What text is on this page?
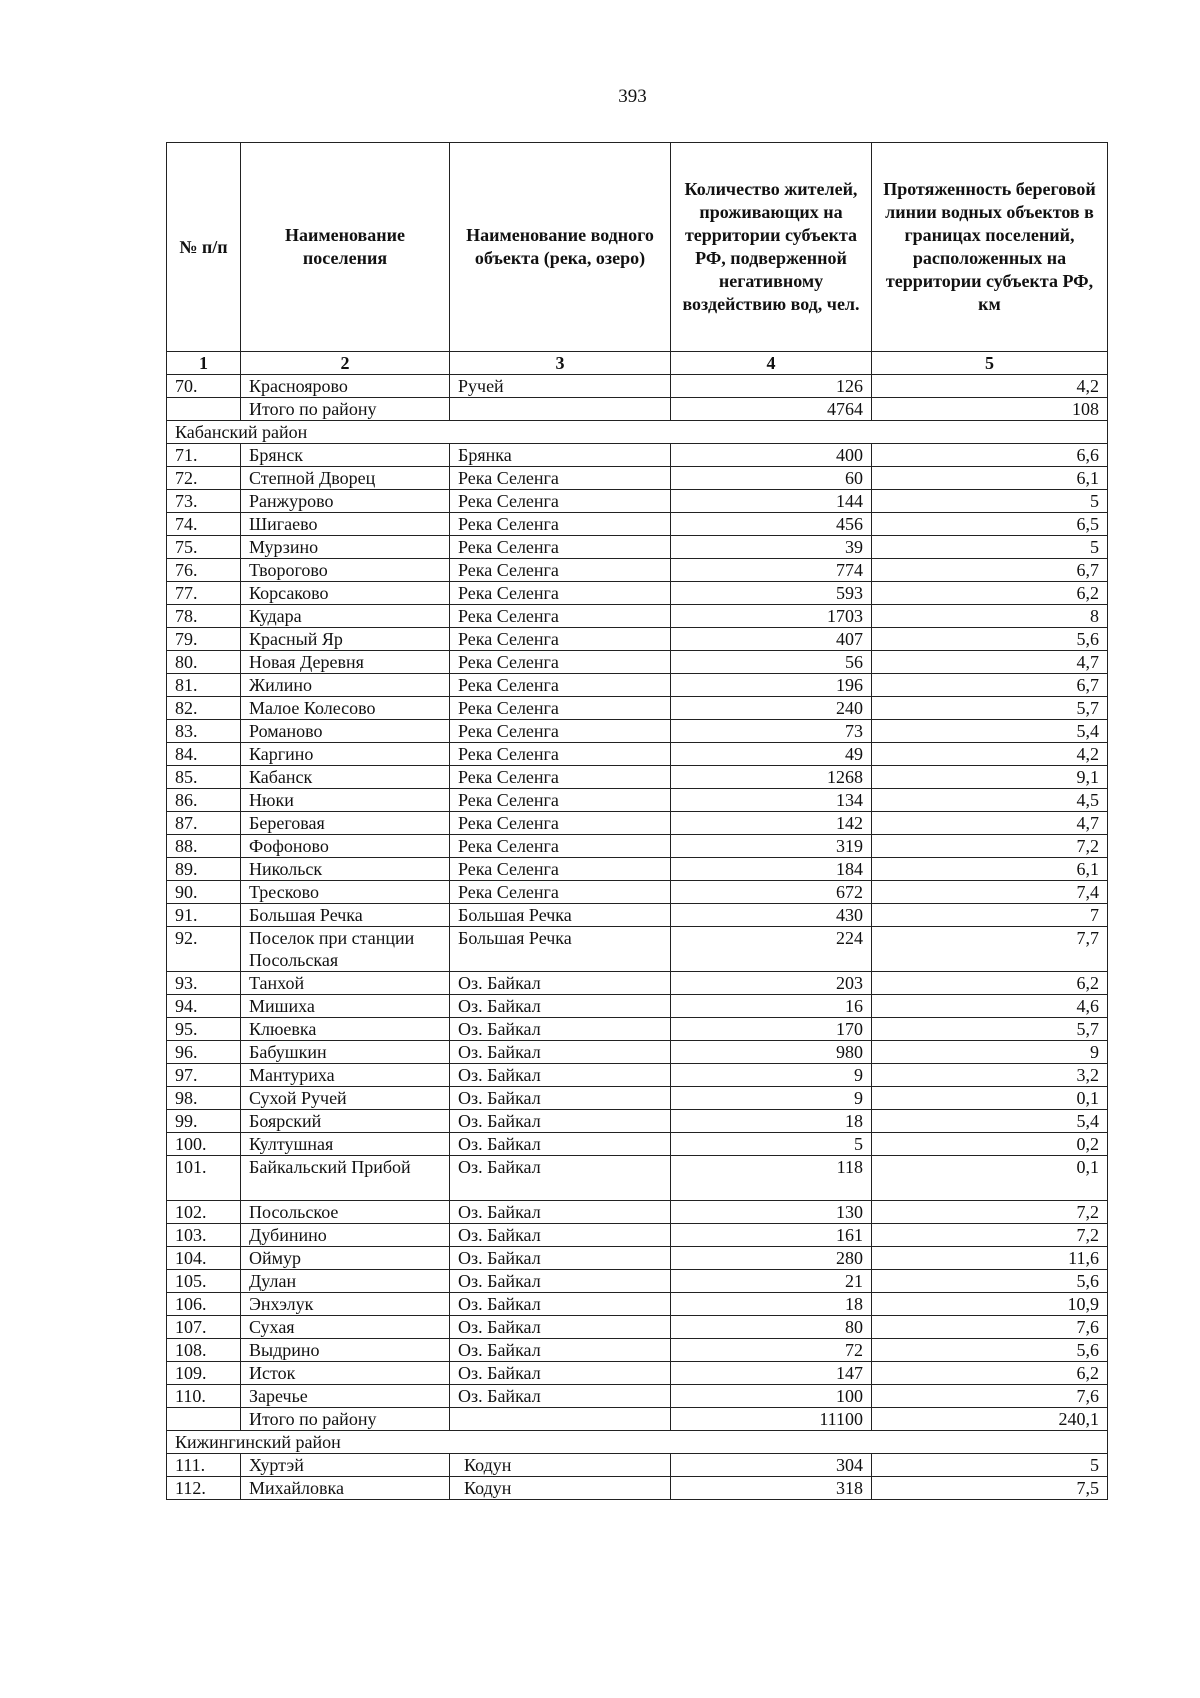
393
№ п/п	Наименование поселения	Наименование водного объекта (река, озеро)	Количество жителей, проживающих на территории субъекта РФ, подверженной негативному воздействию вод, чел.	Протяженность береговой линии водных объектов в границах поселений, расположенных на территории субъекта РФ, км
1	2	3	4	5
70.	Красноярово	Ручей	126	4,2
	Итого по району		4764	108
Кабанский район				
71.	Брянск	Брянка	400	6,6
72.	Степной Дворец	Река Селенга	60	6,1
73.	Ранжурово	Река Селенга	144	5
74.	Шигаево	Река Селенга	456	6,5
75.	Мурзино	Река Селенга	39	5
76.	Творогово	Река Селенга	774	6,7
77.	Корсаково	Река Селенга	593	6,2
78.	Кудара	Река Селенга	1703	8
79.	Красный Яр	Река Селенга	407	5,6
80.	Новая Деревня	Река Селенга	56	4,7
81.	Жилино	Река Селенга	196	6,7
82.	Малое Колесово	Река Селенга	240	5,7
83.	Романово	Река Селенга	73	5,4
84.	Каргино	Река Селенга	49	4,2
85.	Кабанск	Река Селенга	1268	9,1
86.	Нюки	Река Селенга	134	4,5
87.	Береговая	Река Селенга	142	4,7
88.	Фофоново	Река Селенга	319	7,2
89.	Никольск	Река Селенга	184	6,1
90.	Тресково	Река Селенга	672	7,4
91.	Большая Речка	Большая Речка	430	7
92.	Поселок при станции Посольская	Большая Речка	224	7,7
93.	Танхой	Оз. Байкал	203	6,2
94.	Мишиха	Оз. Байкал	16	4,6
95.	Клюевка	Оз. Байкал	170	5,7
96.	Бабушкин	Оз. Байкал	980	9
97.	Мантуриха	Оз. Байкал	9	3,2
98.	Сухой Ручей	Оз. Байкал	9	0,1
99.	Боярский	Оз. Байкал	18	5,4
100.	Култушная	Оз. Байкал	5	0,2
101.	Байкальский Прибой	Оз. Байкал	118	0,1
102.	Посольское	Оз. Байкал	130	7,2
103.	Дубинино	Оз. Байкал	161	7,2
104.	Оймур	Оз. Байкал	280	11,6
105.	Дулан	Оз. Байкал	21	5,6
106.	Энхэлук	Оз. Байкал	18	10,9
107.	Сухая	Оз. Байкал	80	7,6
108.	Выдрино	Оз. Байкал	72	5,6
109.	Исток	Оз. Байкал	147	6,2
110.	Заречье	Оз. Байкал	100	7,6
	Итого по району		11100	240,1
Кижингинский район				
111.	Хуртэй	Кодун	304	5
112.	Михайловка	Кодун	318	7,5
